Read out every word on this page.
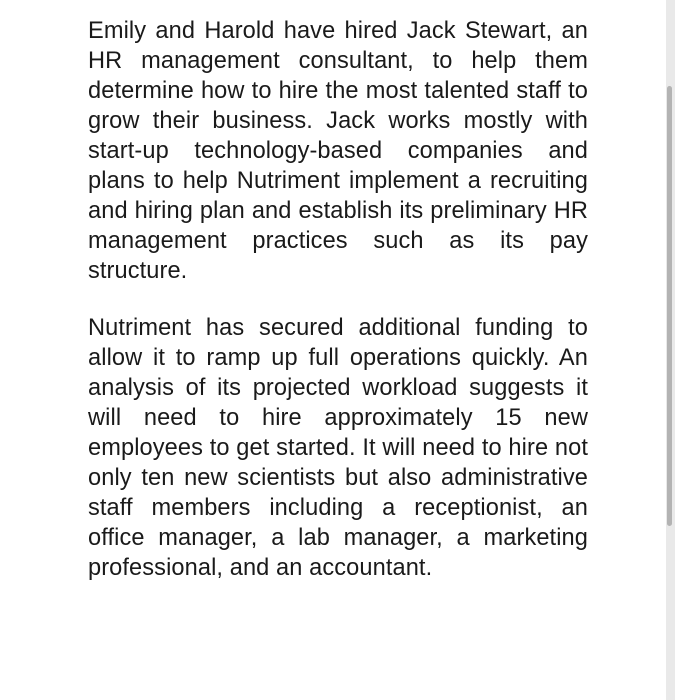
Emily and Harold have hired Jack Stewart, an HR management consultant, to help them determine how to hire the most talented staff to grow their business. Jack works mostly with start-up technology-based companies and plans to help Nutriment implement a recruiting and hiring plan and establish its preliminary HR management practices such as its pay structure.

Nutriment has secured additional funding to allow it to ramp up full operations quickly. An analysis of its projected workload suggests it will need to hire approximately 15 new employees to get started. It will need to hire not only ten new scientists but also administrative staff members including a receptionist, an office manager, a lab manager, a marketing professional, and an accountant.
